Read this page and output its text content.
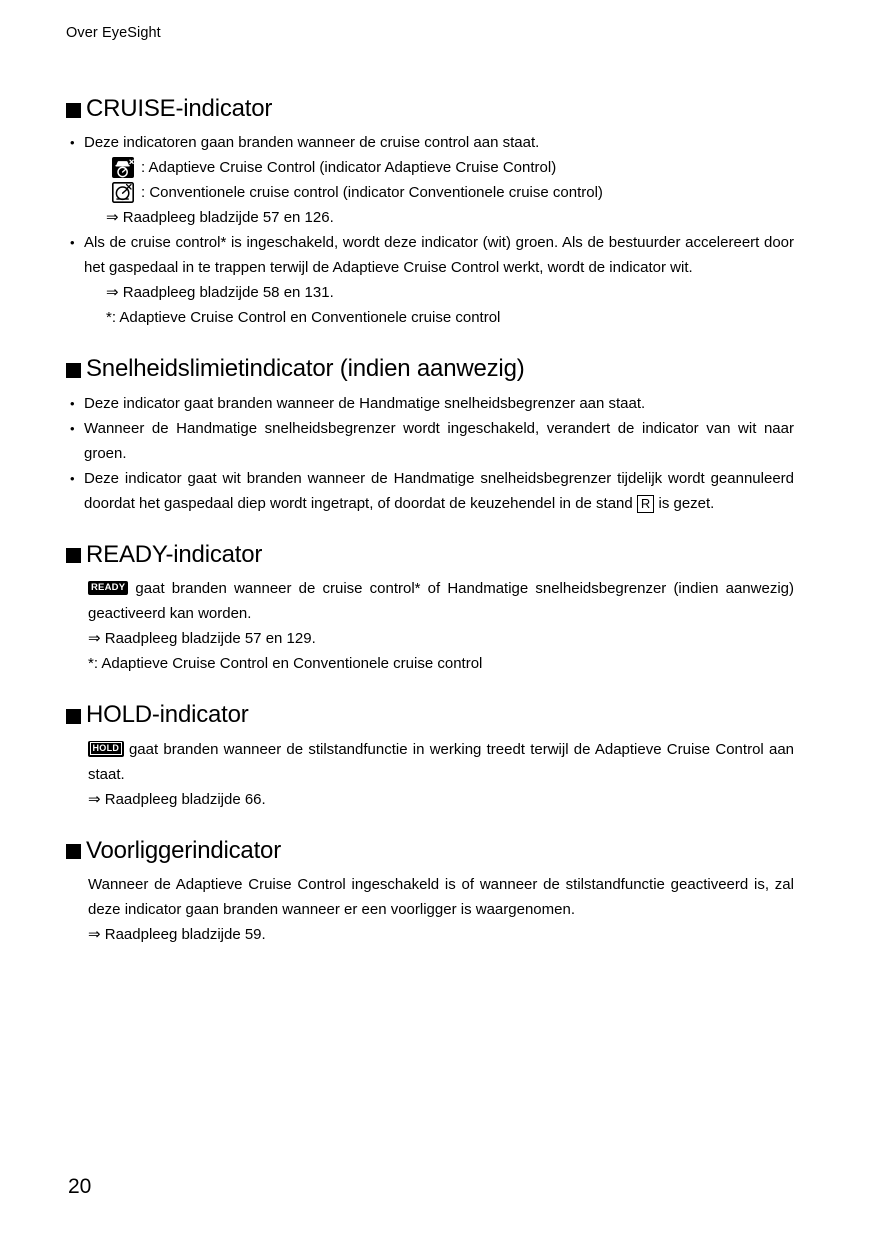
Over EyeSight
CRUISE-indicator
• Deze indicatoren gaan branden wanneer de cruise control aan staat.
: Adaptieve Cruise Control (indicator Adaptieve Cruise Control)
: Conventionele cruise control (indicator Conventionele cruise control)
⇒ Raadpleeg bladzijde 57 en 126.
• Als de cruise control* is ingeschakeld, wordt deze indicator (wit) groen. Als de bestuurder accelereert door het gaspedaal in te trappen terwijl de Adaptieve Cruise Control werkt, wordt de indicator wit.
⇒ Raadpleeg bladzijde 58 en 131.
*: Adaptieve Cruise Control en Conventionele cruise control
Snelheidslimietindicator (indien aanwezig)
• Deze indicator gaat branden wanneer de Handmatige snelheidsbegrenzer aan staat.
• Wanneer de Handmatige snelheidsbegrenzer wordt ingeschakeld, verandert de indicator van wit naar groen.
• Deze indicator gaat wit branden wanneer de Handmatige snelheidsbegrenzer tijdelijk wordt geannuleerd doordat het gaspedaal diep wordt ingetrapt, of doordat de keuzehendel in de stand R is gezet.
READY-indicator
READY gaat branden wanneer de cruise control* of Handmatige snelheidsbegrenzer (indien aanwezig) geactiveerd kan worden.
⇒ Raadpleeg bladzijde 57 en 129.
*: Adaptieve Cruise Control en Conventionele cruise control
HOLD-indicator
HOLD gaat branden wanneer de stilstandfunctie in werking treedt terwijl de Adaptieve Cruise Control aan staat.
⇒ Raadpleeg bladzijde 66.
Voorliggerindicator
Wanneer de Adaptieve Cruise Control ingeschakeld is of wanneer de stilstandfunctie geactiveerd is, zal deze indicator gaan branden wanneer er een voorligger is waargenomen.
⇒ Raadpleeg bladzijde 59.
20
